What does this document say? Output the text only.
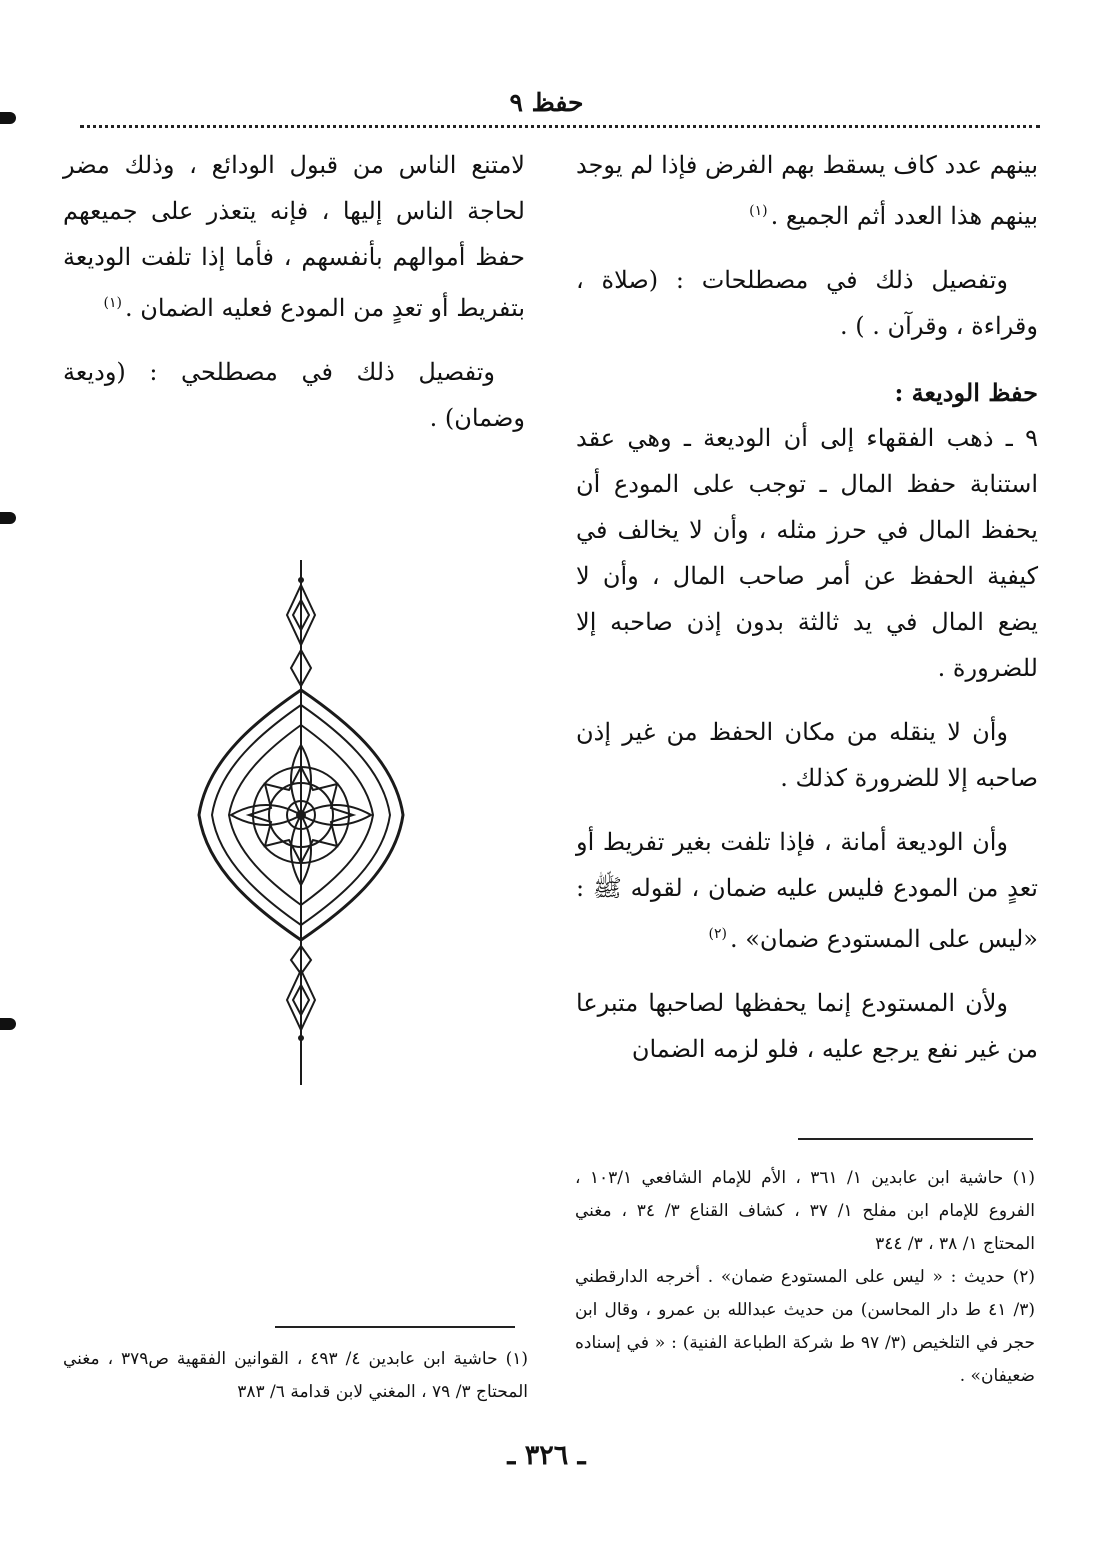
حفظ ٩

بينهم عدد كاف يسقط بهم الفرض فإذا لم يوجد بينهم هذا العدد أثم الجميع .$^{(١)}$

وتفصيل ذلك في مصطلحات : (صلاة ، وقراءة ، وقرآن . ) .

حفظ الوديعة :

٩ ـ ذهب الفقهاء إلى أن الوديعة ـ وهي عقد استنابة حفظ المال ـ توجب على المودع أن يحفظ المال في حرز مثله ، وأن لا يخالف في كيفية الحفظ عن أمر صاحب المال ، وأن لا يضع المال في يد ثالثة بدون إذن صاحبه إلا للضرورة .

وأن لا ينقله من مكان الحفظ من غير إذن صاحبه إلا للضرورة كذلك .

وأن الوديعة أمانة ، فإذا تلفت بغير تفريط أو تعدٍ من المودع فليس عليه ضمان ، لقوله ﷺ : «ليس على المستودع ضمان» .$^{(٢)}$

ولأن المستودع إنما يحفظها لصاحبها متبرعا من غير نفع يرجع عليه ، فلو لزمه الضمان

لامتنع الناس من قبول الودائع ، وذلك مضر لحاجة الناس إليها ، فإنه يتعذر على جميعهم حفظ أموالهم بأنفسهم ، فأما إذا تلفت الوديعة بتفريط أو تعدٍ من المودع فعليه الضمان .$^{(١)}$

وتفصيل ذلك في مصطلحي : (وديعة وضمان) .

(١) حاشية ابن عابدين ١/ ٣٦١ ، الأم للإمام الشافعي ١٠٣/١ ، الفروع للإمام ابن مفلح ١/ ٣٧ ، كشاف القناع ٣/ ٣٤ ، مغني المحتاج ١/ ٣٨ ، ٣/ ٣٤٤

(٢) حديث : « ليس على المستودع ضمان» . أخرجه الدارقطني (٣/ ٤١ ط دار المحاسن) من حديث عبدالله بن عمرو ، وقال ابن حجر في التلخيص (٣/ ٩٧ ط شركة الطباعة الفنية) : « في إسناده ضعيفان» .

(١) حاشية ابن عابدين ٤/ ٤٩٣ ، القوانين الفقهية ص٣٧٩ ، مغني المحتاج ٣/ ٧٩ ، المغني لابن قدامة ٦/ ٣٨٣

ـ ٣٢٦ ـ
